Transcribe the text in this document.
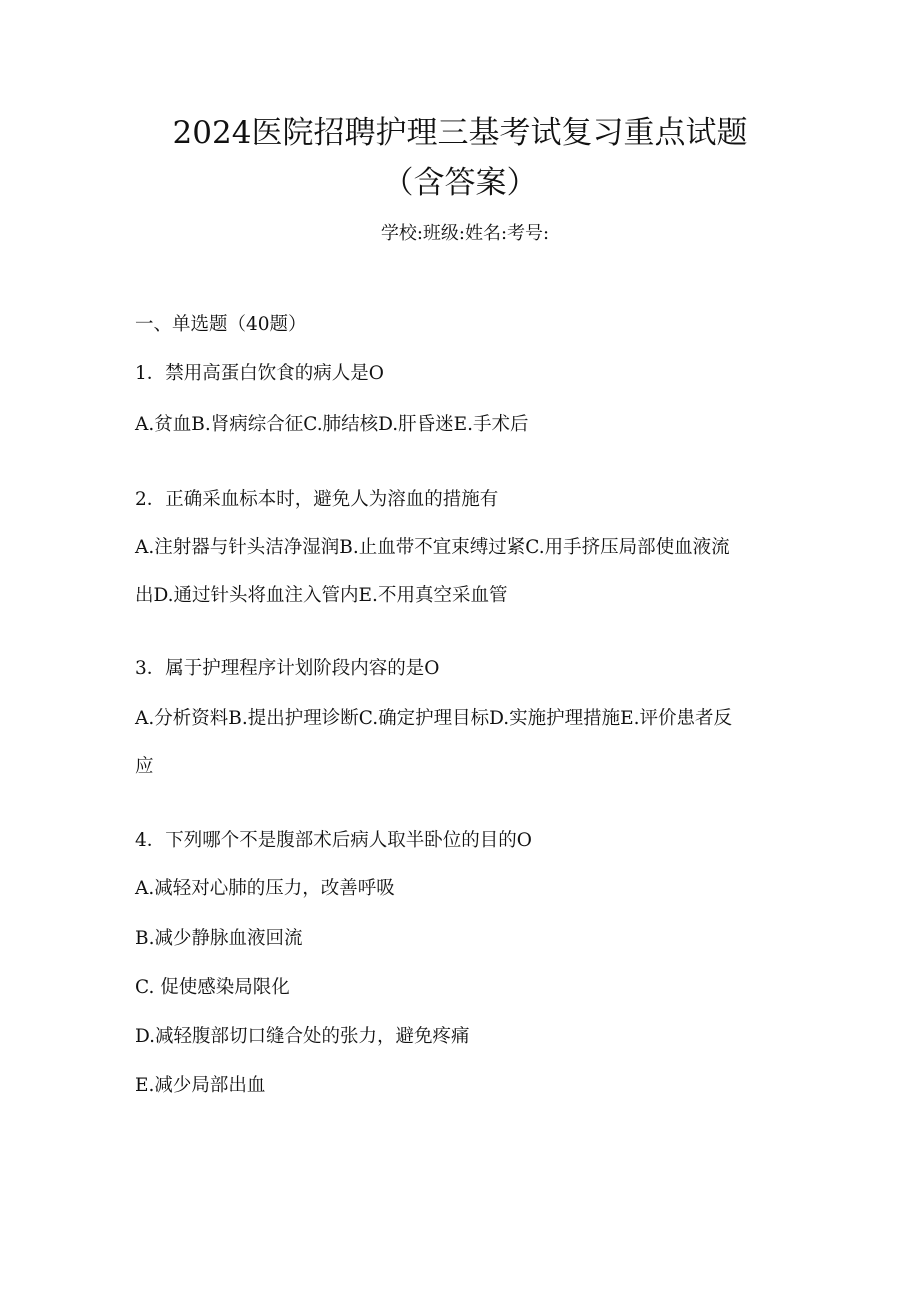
2024医院招聘护理三基考试复习重点试题
（含答案）
学校:班级:姓名:考号:
一、单选题（40题）
1．禁用高蛋白饮食的病人是O
A.贫血B.肾病综合征C.肺结核D.肝昏迷E.手术后
2．正确采血标本时，避免人为溶血的措施有
A.注射器与针头洁净湿润B.止血带不宜束缚过紧C.用手挤压局部使血液流
出D.通过针头将血注入管内E.不用真空采血管
3．属于护理程序计划阶段内容的是O
A.分析资料B.提出护理诊断C.确定护理目标D.实施护理措施E.评价患者反
应
4．下列哪个不是腹部术后病人取半卧位的目的O
A.减轻对心肺的压力，改善呼吸
B.减少静脉血液回流
C. 促使感染局限化
D.减轻腹部切口缝合处的张力，避免疼痛
E.减少局部出血
